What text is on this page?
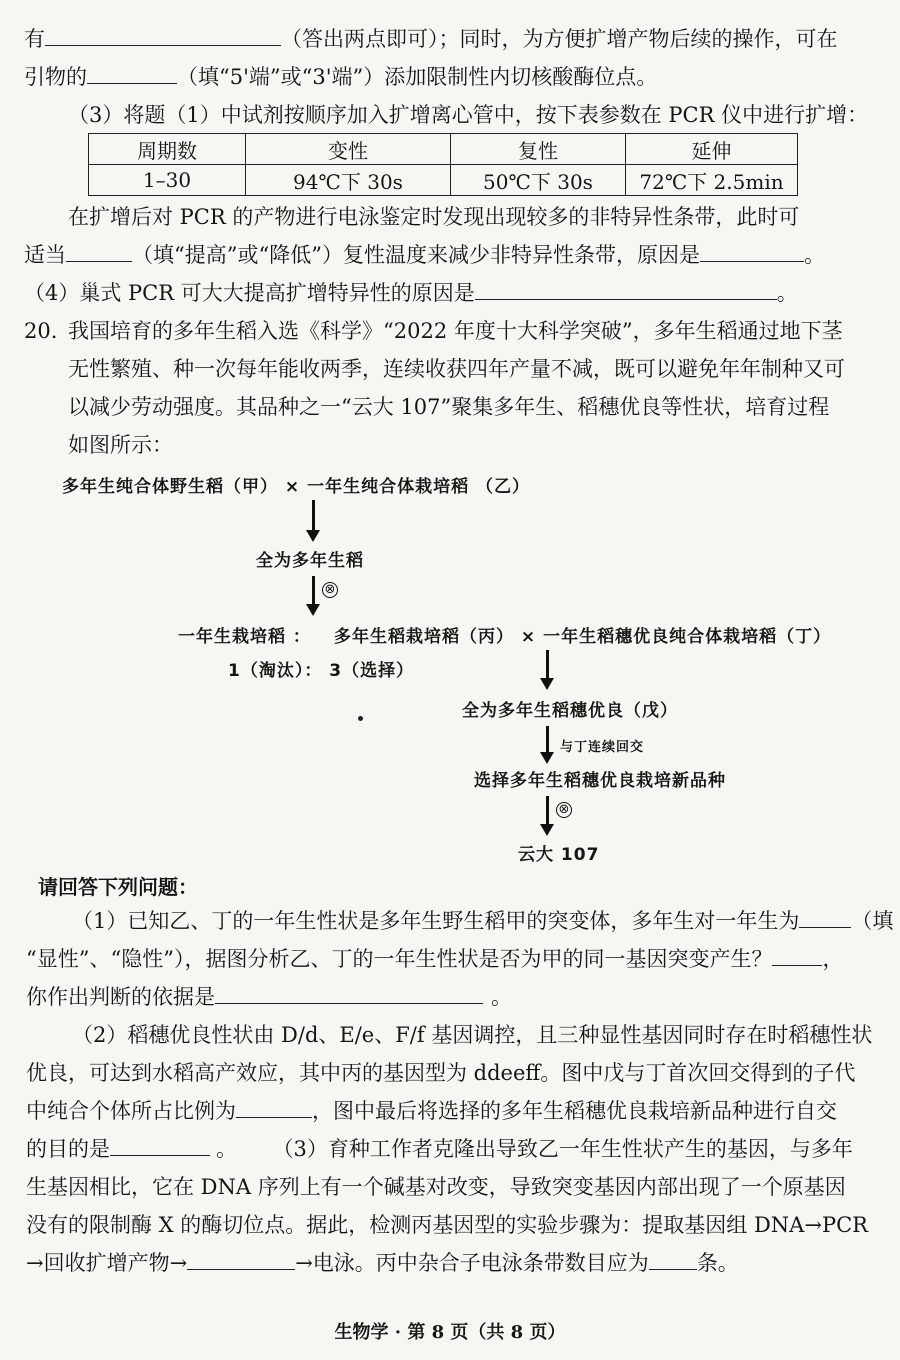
有	（答出两点即可）；同时，为方便扩增产物后续的操作，可在
引物的	（填“5'端”或“3'端”）添加限制性内切核酸酶位点。
（3）将题（1）中试剂按顺序加入扩增离心管中，按下表参数在 PCR 仪中进行扩增：
周期数	变性	复性	延伸
1–30	94℃下 30s	50℃下 30s	72℃下 2.5min
在扩增后对 PCR 的产物进行电泳鉴定时发现出现较多的非特异性条带，此时可
适当	（填“提高”或“降低”）复性温度来减少非特异性条带，原因是	。
（4）巢式 PCR 可大大提高扩增特异性的原因是	。
20. 我国培育的多年生稻入选《科学》“2022 年度十大科学突破”，多年生稻通过地下茎
无性繁殖、种一次每年能收两季，连续收获四年产量不减，既可以避免年年制种又可
以减少劳动强度。其品种之一“云大 107”聚集多年生、稻穗优良等性状，培育过程
如图所示：
多年生纯合体野生稻（甲） × 一年生纯合体栽培稻 （乙）
全为多年生稻
⊗
一年生栽培稻 ： 多年生稻栽培稻（丙） × 一年生稻穗优良纯合体栽培稻（丁）
1（淘汰）： 3（选择）
全为多年生稻穗优良（戊）
与丁连续回交
选择多年生稻穗优良栽培新品种
⊗
云大 107
请回答下列问题：
（1）已知乙、丁的一年生性状是多年生野生稻甲的突变体，多年生对一年生为 （填
“显性”、“隐性”），据图分析乙、丁的一年生性状是否为甲的同一基因突变产生？ ，
你作出判断的依据是	。
（2）稻穗优良性状由 D/d、E/e、F/f 基因调控，且三种显性基因同时存在时稻穗性状
优良，可达到水稻高产效应，其中丙的基因型为 ddeeff。图中戊与丁首次回交得到的子代
中纯合个体所占比例为	，图中最后将选择的多年生稻穗优良栽培新品种进行自交
的目的是	。 （3）育种工作者克隆出导致乙一年生性状产生的基因，与多年
生基因相比，它在 DNA 序列上有一个碱基对改变，导致突变基因内部出现了一个原基因
没有的限制酶 X 的酶切位点。据此，检测丙基因型的实验步骤为：提取基因组 DNA→PCR
→回收扩增产物→	→电泳。丙中杂合子电泳条带数目应为 条。
生物学 · 第 8 页（共 8 页）
